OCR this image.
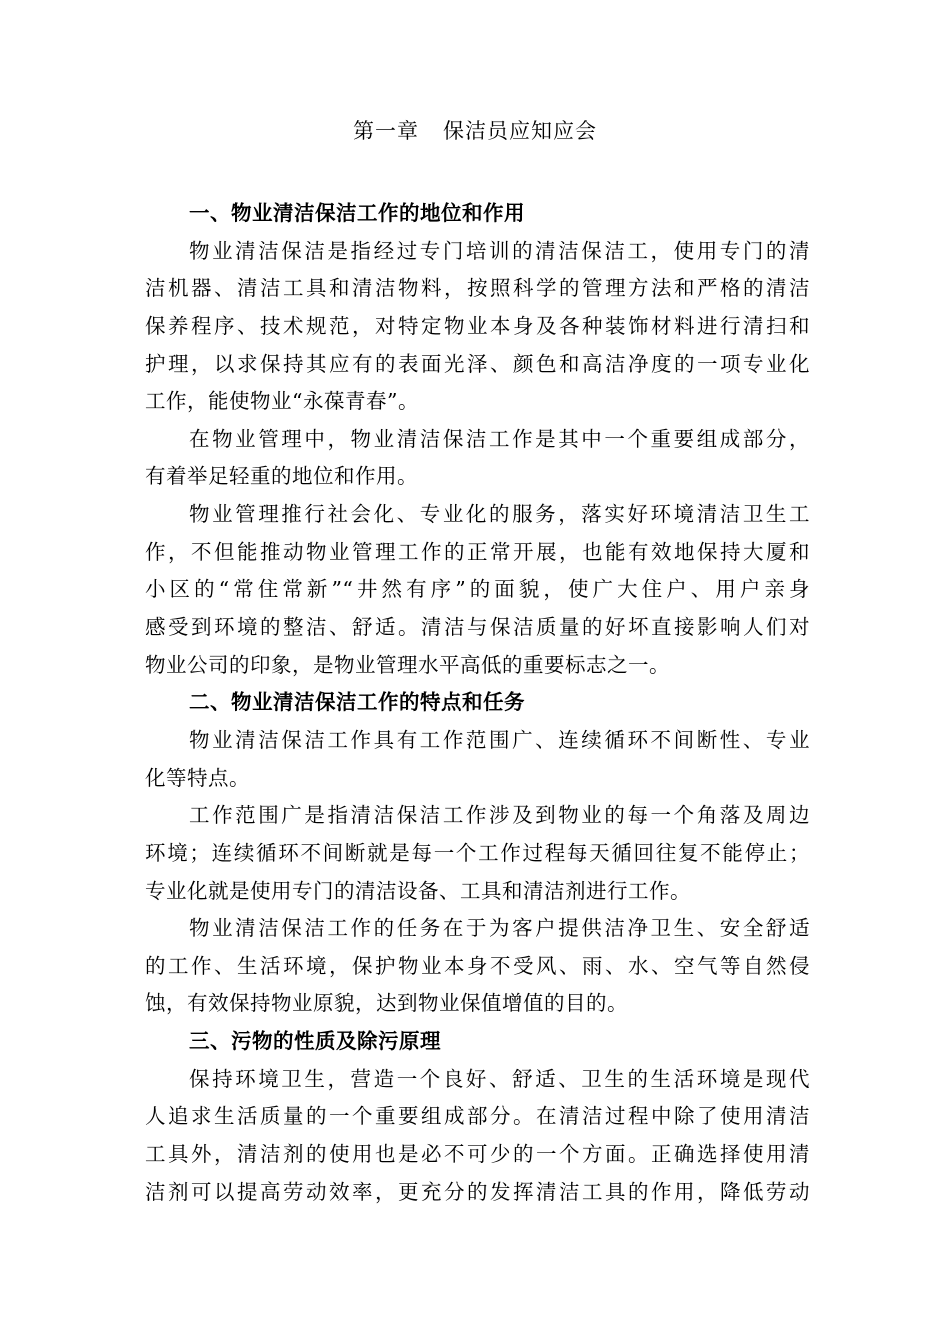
第一章 保洁员应知应会
一、物业清洁保洁工作的地位和作用
物业清洁保洁是指经过专门培训的清洁保洁工，使用专门的清
洁机器、清洁工具和清洁物料，按照科学的管理方法和严格的清洁
保养程序、技术规范，对特定物业本身及各种装饰材料进行清扫和
护理，以求保持其应有的表面光泽、颜色和高洁净度的一项专业化
工作，能使物业“永葆青春”。
在物业管理中，物业清洁保洁工作是其中一个重要组成部分，
有着举足轻重的地位和作用。
物业管理推行社会化、专业化的服务，落实好环境清洁卫生工
作，不但能推动物业管理工作的正常开展，也能有效地保持大厦和
小区的“常住常新”“井然有序”的面貌，使广大住户、用户亲身
感受到环境的整洁、舒适。清洁与保洁质量的好坏直接影响人们对
物业公司的印象，是物业管理水平高低的重要标志之一。
二、物业清洁保洁工作的特点和任务
物业清洁保洁工作具有工作范围广、连续循环不间断性、专业
化等特点。
工作范围广是指清洁保洁工作涉及到物业的每一个角落及周边
环境；连续循环不间断就是每一个工作过程每天循回往复不能停止；
专业化就是使用专门的清洁设备、工具和清洁剂进行工作。
物业清洁保洁工作的任务在于为客户提供洁净卫生、安全舒适
的工作、生活环境，保护物业本身不受风、雨、水、空气等自然侵
蚀，有效保持物业原貌，达到物业保值增值的目的。
三、污物的性质及除污原理
保持环境卫生，营造一个良好、舒适、卫生的生活环境是现代
人追求生活质量的一个重要组成部分。在清洁过程中除了使用清洁
工具外，清洁剂的使用也是必不可少的一个方面。正确选择使用清
洁剂可以提高劳动效率，更充分的发挥清洁工具的作用，降低劳动
